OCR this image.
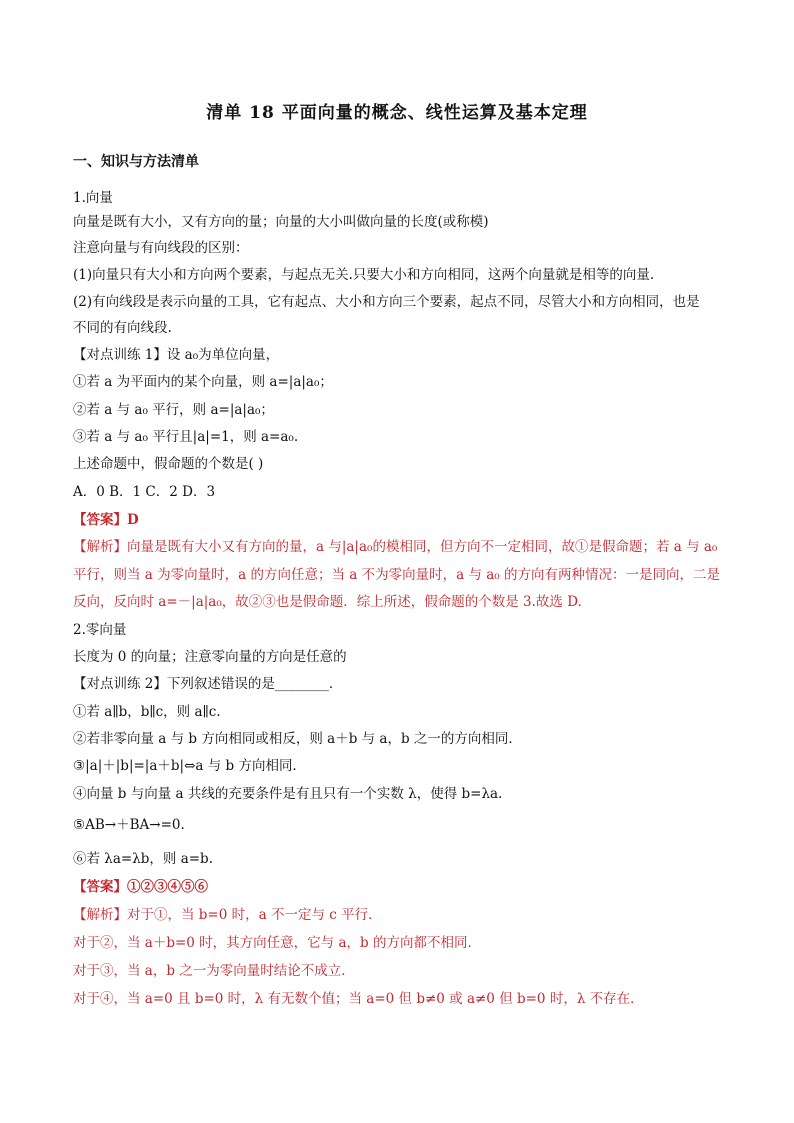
清单 18 平面向量的概念、线性运算及基本定理
一、知识与方法清单
1.向量
向量是既有大小，又有方向的量；向量的大小叫做向量的长度(或称模)
注意向量与有向线段的区别：
(1)向量只有大小和方向两个要素，与起点无关.只要大小和方向相同，这两个向量就是相等的向量.
(2)有向线段是表示向量的工具，它有起点、大小和方向三个要素，起点不同，尽管大小和方向相同，也是
不同的有向线段.
【对点训练 1】设 a₀为单位向量，
①若 a 为平面内的某个向量，则 a=|a|a₀；
②若 a 与 a₀ 平行，则 a=|a|a₀；
③若 a 与 a₀ 平行且|a|=1，则 a=a₀.
上述命题中，假命题的个数是( )
A．0 B．1 C．2 D．3
【答案】D
【解析】向量是既有大小又有方向的量，a 与|a|a₀的模相同，但方向不一定相同，故①是假命题；若 a 与 a₀
平行，则当 a 为零向量时，a 的方向任意；当 a 不为零向量时，a 与 a₀ 的方向有两种情况：一是同向，二是
反向，反向时 a=－|a|a₀，故②③也是假命题．综上所述，假命题的个数是 3.故选 D.
2.零向量
长度为 0 的向量；注意零向量的方向是任意的
【对点训练 2】下列叙述错误的是________．
①若 a∥b，b∥c，则 a∥c.
②若非零向量 a 与 b 方向相同或相反，则 a＋b 与 a，b 之一的方向相同．
③|a|＋|b|=|a＋b|⇔a 与 b 方向相同．
④向量 b 与向量 a 共线的充要条件是有且只有一个实数 λ，使得 b=λa.
⑤AB→＋BA→=0.
⑥若 λa=λb，则 a=b.
【答案】①②③④⑤⑥
【解析】对于①，当 b=0 时，a 不一定与 c 平行．
对于②，当 a＋b=0 时，其方向任意，它与 a，b 的方向都不相同．
对于③，当 a，b 之一为零向量时结论不成立．
对于④，当 a=0 且 b=0 时，λ 有无数个值；当 a=0 但 b≠0 或 a≠0 但 b=0 时，λ 不存在．
